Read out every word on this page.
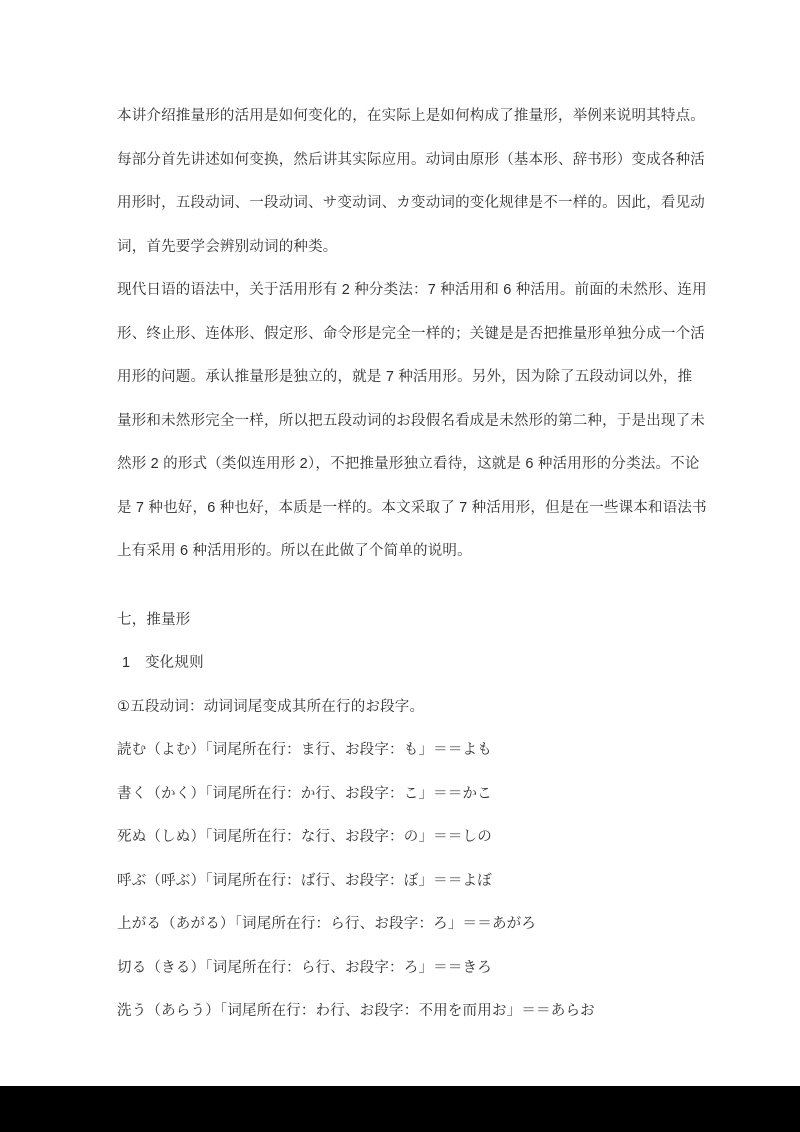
本讲介绍推量形的活用是如何变化的，在实际上是如何构成了推量形，举例来说明其特点。
每部分首先讲述如何变换，然后讲其实际应用。动词由原形（基本形、辞书形）变成各种活
用形时，五段动词、一段动词、サ变动词、カ变动词的变化规律是不一样的。因此，看见动
词，首先要学会辨别动词的种类。
现代日语的语法中，关于活用形有 2 种分类法：7 种活用和 6 种活用。前面的未然形、连用
形、终止形、连体形、假定形、命令形是完全一样的；关键是是否把推量形单独分成一个活
用形的问题。承认推量形是独立的，就是 7 种活用形。另外，因为除了五段动词以外，推
量形和未然形完全一样，所以把五段动词的お段假名看成是未然形的第二种，于是出现了未
然形 2 的形式（类似连用形 2），不把推量形独立看待，这就是 6 种活用形的分类法。不论
是 7 种也好，6 种也好，本质是一样的。本文采取了 7 种活用形，但是在一些课本和语法书
上有采用 6 种活用形的。所以在此做了个简单的说明。
七，推量形
1　变化规则
①五段动词：动词词尾变成其所在行的お段字。
読む（よむ）「词尾所在行：ま行、お段字：も」＝＝よも
書く（かく）「词尾所在行：か行、お段字：こ」＝＝かこ
死ぬ（しぬ）「词尾所在行：な行、お段字：の」＝＝しの
呼ぶ（呼ぶ）「词尾所在行：ば行、お段字：ぼ」＝＝よぼ
上がる（あがる）「词尾所在行：ら行、お段字：ろ」＝＝あがろ
切る（きる）「词尾所在行：ら行、お段字：ろ」＝＝きろ
洗う（あらう）「词尾所在行：わ行、お段字：不用を而用お」＝＝あらお
